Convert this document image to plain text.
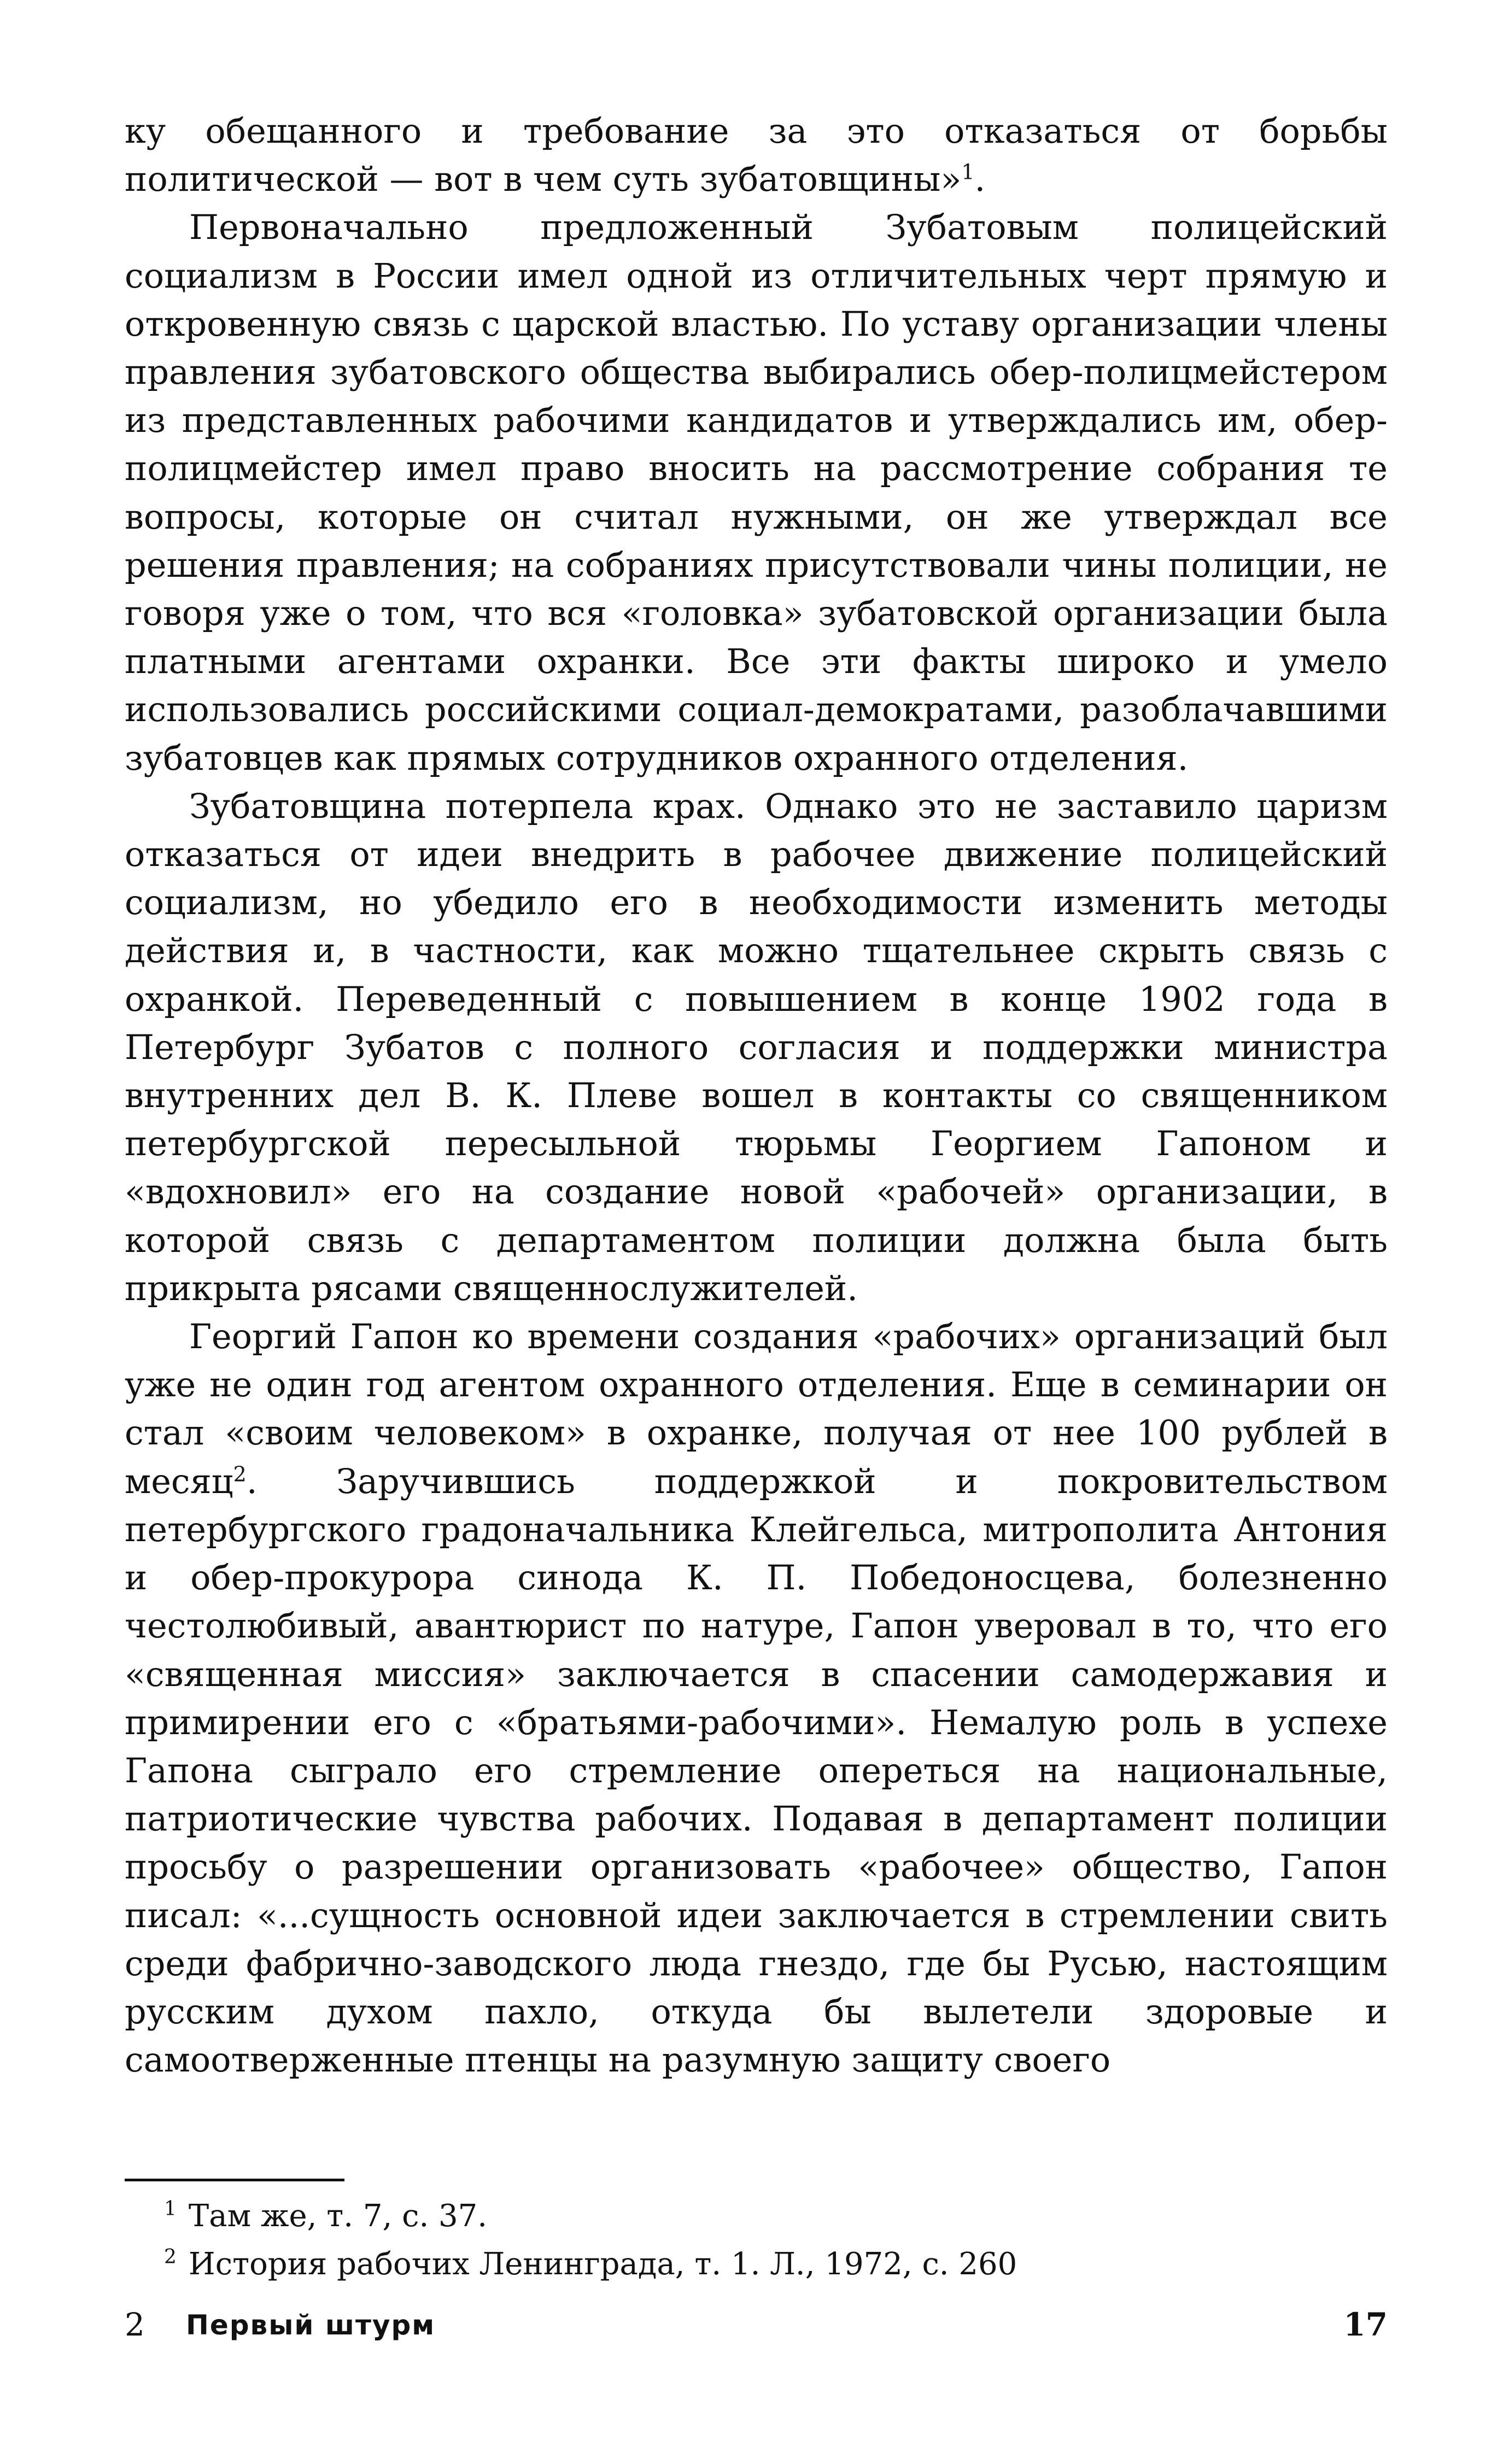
ку обещанного и требование за это отказаться от борьбы политической — вот в чем суть зубатовщины»$^1$.

Первоначально предложенный Зубатовым полицейский социализм в России имел одной из отличительных черт прямую и откровенную связь с царской властью. По уставу организации члены правления зубатовского общества выбирались обер-полицмейстером из представленных рабочими кандидатов и утверждались им, обер-полицмейстер имел право вносить на рассмотрение собрания те вопросы, которые он считал нужными, он же утверждал все решения правления; на собраниях присутствовали чины полиции, не говоря уже о том, что вся «головка» зубатовской организации была платными агентами охранки. Все эти факты широко и умело использовались российскими социал-демократами, разоблачавшими зубатовцев как прямых сотрудников охранного отделения.

Зубатовщина потерпела крах. Однако это не заставило царизм отказаться от идеи внедрить в рабочее движение полицейский социализм, но убедило его в необходимости изменить методы действия и, в частности, как можно тщательнее скрыть связь с охранкой. Переведенный с повышением в конце 1902 года в Петербург Зубатов с полного согласия и поддержки министра внутренних дел В. К. Плеве вошел в контакты со священником петербургской пересыльной тюрьмы Георгием Гапоном и «вдохновил» его на создание новой «рабочей» организации, в которой связь с департаментом полиции должна была быть прикрыта рясами священнослужителей.

Георгий Гапон ко времени создания «рабочих» организаций был уже не один год агентом охранного отделения. Еще в семинарии он стал «своим человеком» в охранке, получая от нее 100 рублей в месяц$^2$. Заручившись поддержкой и покровительством петербургского градоначальника Клейгельса, митрополита Антония и обер-прокурора синода К. П. Победоносцева, болезненно честолюбивый, авантюрист по натуре, Гапон уверовал в то, что его «священная миссия» заключается в спасении самодержавия и примирении его с «братьями-рабочими». Немалую роль в успехе Гапона сыграло его стремление опереться на национальные, патриотические чувства рабочих. Подавая в департамент полиции просьбу о разрешении организовать «рабочее» общество, Гапон писал: «...сущность основной идеи заключается в стремлении свить среди фабрично-заводского люда гнездо, где бы Русью, настоящим русским духом пахло, откуда бы вылетели здоровые и самоотверженные птенцы на разумную защиту своего

$^1$ Там же, т. 7, с. 37.

$^2$ История рабочих Ленинграда, т. 1. Л., 1972, с. 260

2 Первый штурм	17
